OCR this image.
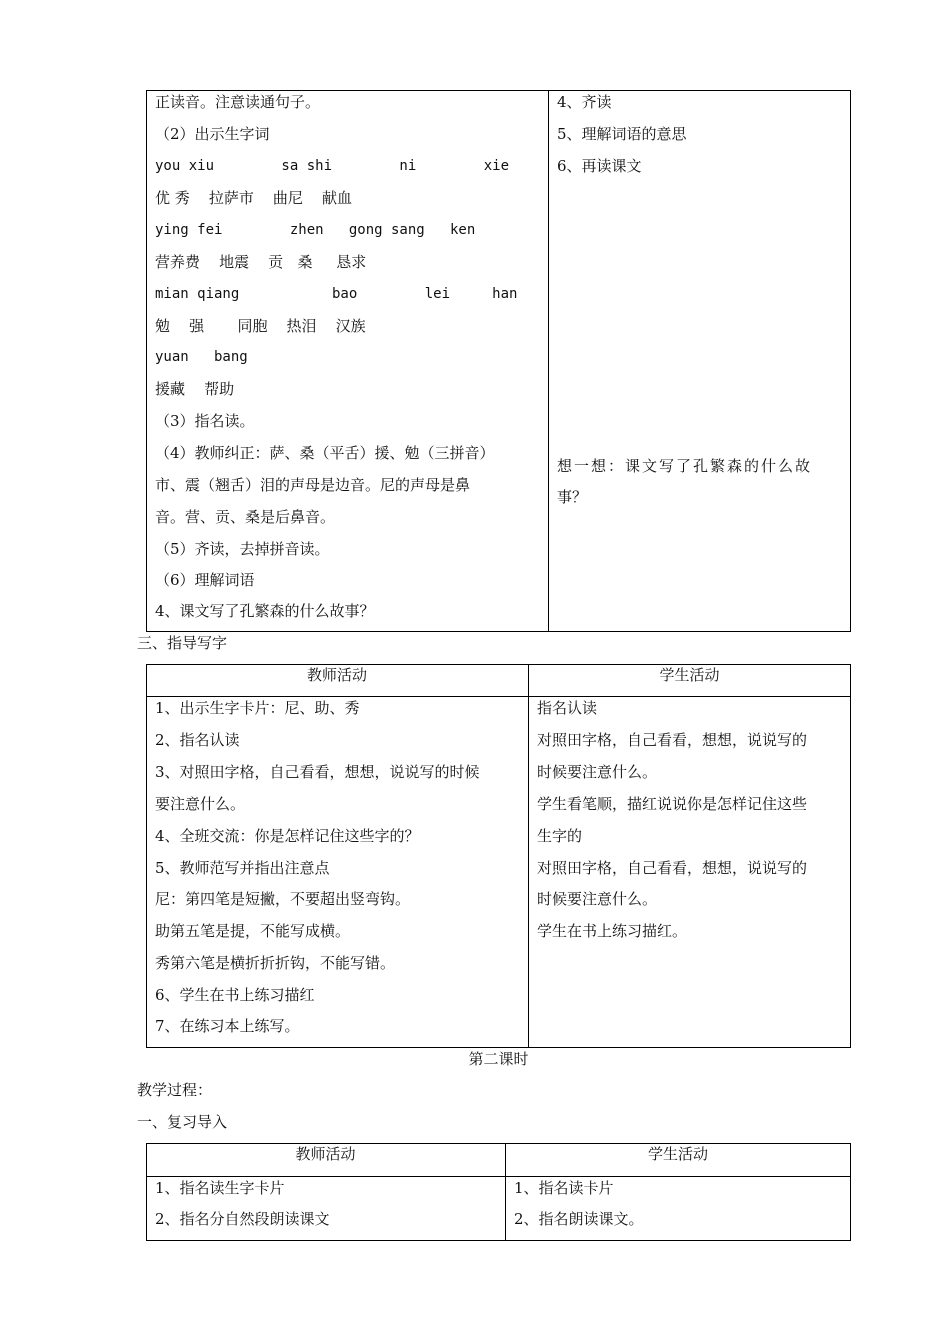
正读音。注意读通句子。
（2）出示生字词
you xiu        sa shi        ni        xie
优 秀    拉萨市    曲尼    献血
ying fei        zhen   gong sang   ken
营养费    地震    贡   桑     恳求
mian qiang           bao        lei     han
勉    强       同胞    热泪    汉族
yuan   bang
援藏    帮助
（3）指名读。
（4）教师纠正：萨、桑（平舌）援、勉（三拼音）
市、震（翘舌）泪的声母是边音。尼的声母是鼻
音。营、贡、桑是后鼻音。
（5）齐读，去掉拼音读。
（6）理解词语
4、课文写了孔繁森的什么故事？
4、齐读
5、理解词语的意思
6、再读课文
想一想：课文写了孔繁森的什么故
事？
三、指导写字
教师活动	学生活动
1、出示生字卡片：尼、助、秀
2、指名认读
3、对照田字格，自己看看，想想，说说写的时候
要注意什么。
4、全班交流：你是怎样记住这些字的？
5、教师范写并指出注意点
尼：第四笔是短撇，不要超出竖弯钩。
助第五笔是提，不能写成横。
秀第六笔是横折折折钩，不能写错。
6、学生在书上练习描红
7、在练习本上练写。
指名认读
对照田字格，自己看看，想想，说说写的
时候要注意什么。
学生看笔顺，描红说说你是怎样记住这些
生字的
对照田字格，自己看看，想想，说说写的
时候要注意什么。
学生在书上练习描红。
第二课时
教学过程：
一、复习导入
教师活动	学生活动
1、指名读生字卡片
2、指名分自然段朗读课文
1、指名读卡片
2、指名朗读课文。
